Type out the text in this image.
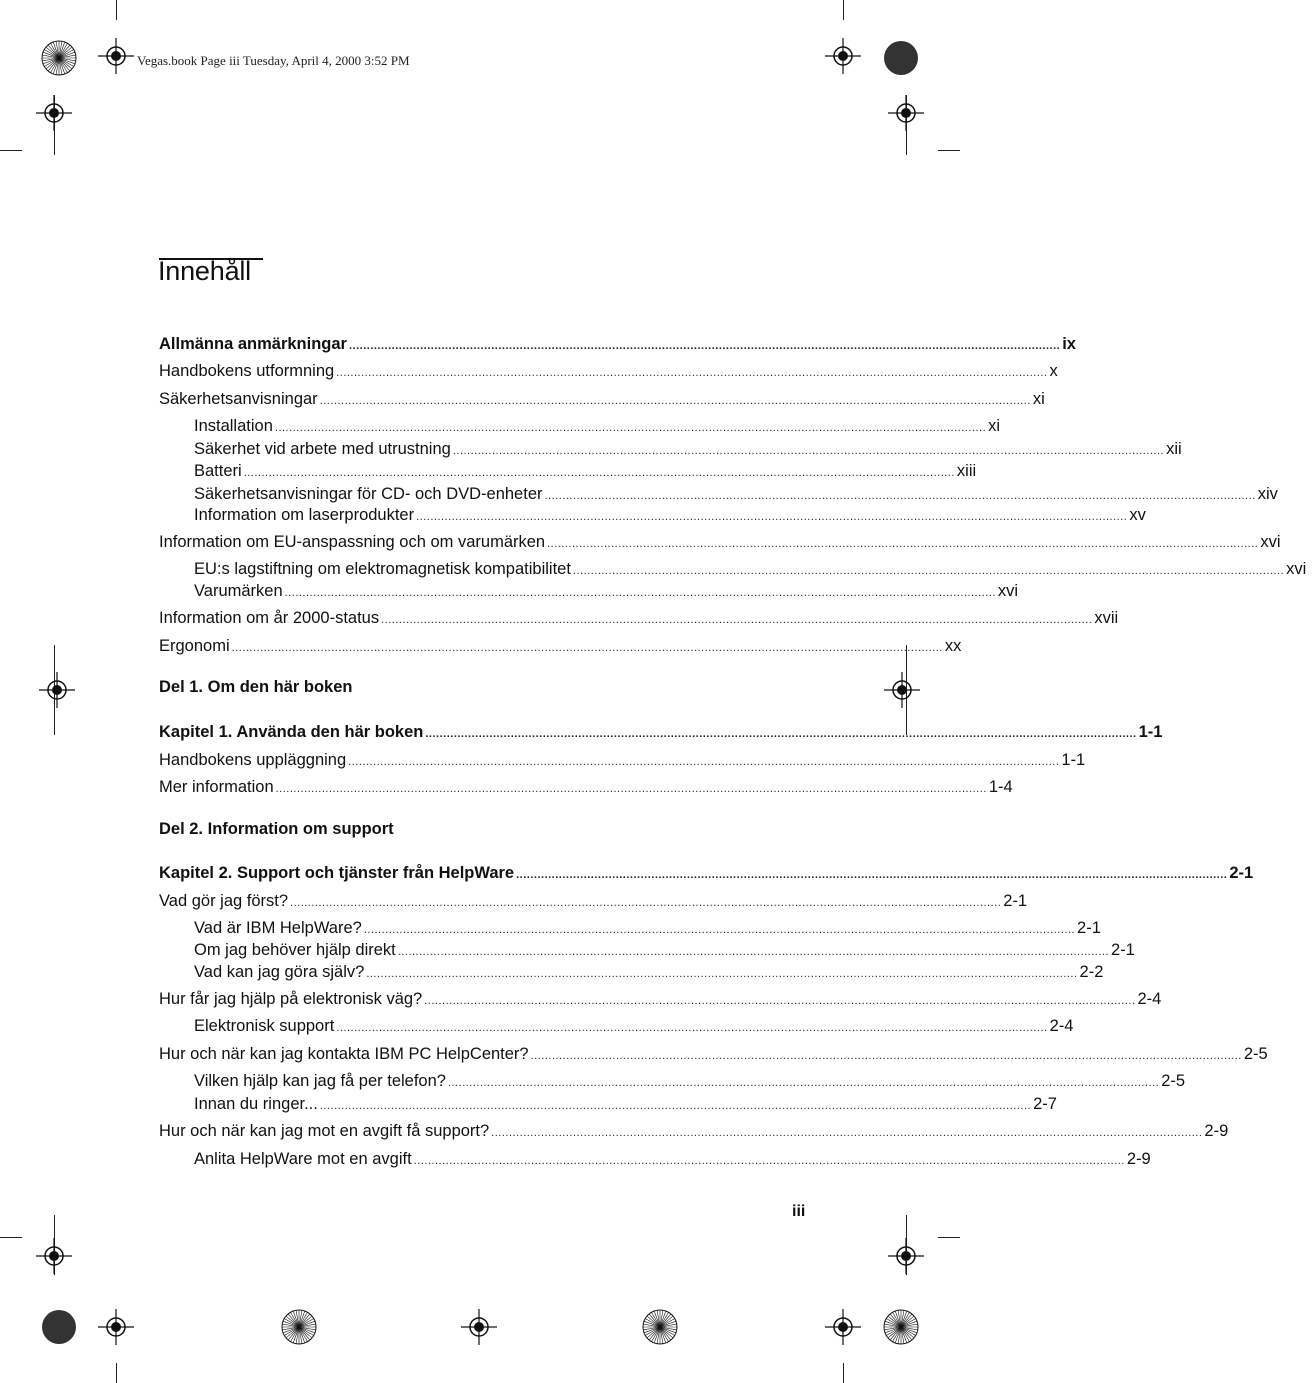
Vegas.book Page iii Tuesday, April 4, 2000 3:52 PM
Innehåll
Allmänna anmärkningar ........................................................................................................................................................................................................ ix
Handbokens utformning ........................................................................................................................................................................................................ x
Säkerhetsanvisningar ........................................................................................................................................................................................................ xi
Installation ........................................................................................................................................................................................................ xi
Säkerhet vid arbete med utrustning ........................................................................................................................................................................................................ xii
Batteri ........................................................................................................................................................................................................ xiii
Säkerhetsanvisningar för CD- och DVD-enheter ........................................................................................................................................................................................................ xiv
Information om laserprodukter ........................................................................................................................................................................................................ xv
Information om EU-anspassning och om varumärken ........................................................................................................................................................................................................ xvi
EU:s lagstiftning om elektromagnetisk kompatibilitet ........................................................................................................................................................................................................ xvi
Varumärken ........................................................................................................................................................................................................ xvi
Information om år 2000-status ........................................................................................................................................................................................................ xvii
Ergonomi ........................................................................................................................................................................................................ xx
Kapitel 1. Använda den här boken ........................................................................................................................................................................................................ 1-1
Handbokens uppläggning ........................................................................................................................................................................................................ 1-1
Mer information ........................................................................................................................................................................................................ 1-4
Kapitel 2. Support och tjänster från HelpWare ........................................................................................................................................................................................................ 2-1
Vad gör jag först? ........................................................................................................................................................................................................ 2-1
Vad är IBM HelpWare? ........................................................................................................................................................................................................ 2-1
Om jag behöver hjälp direkt ........................................................................................................................................................................................................ 2-1
Vad kan jag göra själv? ........................................................................................................................................................................................................ 2-2
Hur får jag hjälp på elektronisk väg? ........................................................................................................................................................................................................ 2-4
Elektronisk support ........................................................................................................................................................................................................ 2-4
Hur och när kan jag kontakta IBM PC HelpCenter? ........................................................................................................................................................................................................ 2-5
Vilken hjälp kan jag få per telefon? ........................................................................................................................................................................................................ 2-5
Innan du ringer... ........................................................................................................................................................................................................ 2-7
Hur och när kan jag mot en avgift få support? ........................................................................................................................................................................................................ 2-9
Anlita HelpWare mot en avgift ........................................................................................................................................................................................................ 2-9
Del 1. Om den här boken
Del 2. Information om support
iii
